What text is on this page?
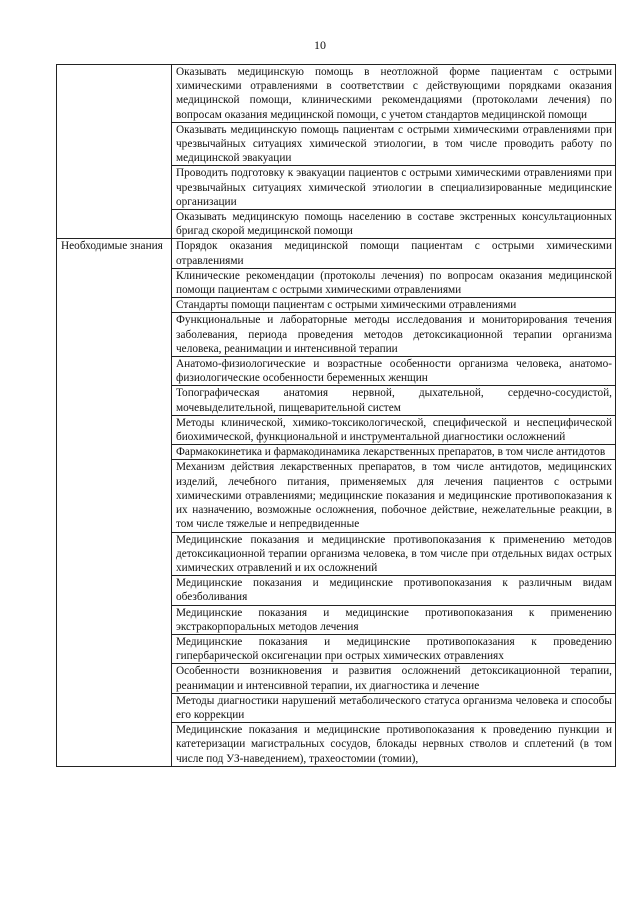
10
	Оказывать медицинскую помощь в неотложной форме пациентам с острыми химическими отравлениями в соответствии с действующими порядками оказания медицинской помощи, клиническими рекомендациями (протоколами лечения) по вопросам оказания медицинской помощи, с учетом стандартов медицинской помощи
	Оказывать медицинскую помощь пациентам с острыми химическими отравлениями при чрезвычайных ситуациях химической этиологии, в том числе проводить работу по медицинской эвакуации
	Проводить подготовку к эвакуации пациентов с острыми химическими отравлениями при чрезвычайных ситуациях химической этиологии в специализированные медицинские организации
	Оказывать медицинскую помощь населению в составе экстренных консультационных бригад скорой медицинской помощи
Необходимые знания	Порядок оказания медицинской помощи пациентам с острыми химическими отравлениями
	Клинические рекомендации (протоколы лечения) по вопросам оказания медицинской помощи пациентам с острыми химическими отравлениями
	Стандарты помощи пациентам с острыми химическими отравлениями
	Функциональные и лабораторные методы исследования и мониторирования течения заболевания, периода проведения методов детоксикационной терапии организма человека, реанимации и интенсивной терапии
	Анатомо-физиологические и возрастные особенности организма человека, анатомо-физиологические особенности беременных женщин
	Топографическая анатомия нервной, дыхательной, сердечно-сосудистой, мочевыделительной, пищеварительной систем
	Методы клинической, химико-токсикологической, специфической и неспецифической биохимической, функциональной и инструментальной диагностики осложнений
	Фармакокинетика и фармакодинамика лекарственных препаратов, в том числе антидотов
	Механизм действия лекарственных препаратов, в том числе антидотов, медицинских изделий, лечебного питания, применяемых для лечения пациентов с острыми химическими отравлениями; медицинские показания и медицинские противопоказания к их назначению, возможные осложнения, побочное действие, нежелательные реакции, в том числе тяжелые и непредвиденные
	Медицинские показания и медицинские противопоказания к применению методов детоксикационной терапии организма человека, в том числе при отдельных видах острых химических отравлений и их осложнений
	Медицинские показания и медицинские противопоказания к различным видам обезболивания
	Медицинские показания и медицинские противопоказания к применению экстракорпоральных методов лечения
	Медицинские показания и медицинские противопоказания к проведению гипербарической оксигенации при острых химических отравлениях
	Особенности возникновения и развития осложнений детоксикационной терапии, реанимации и интенсивной терапии, их диагностика и лечение
	Методы диагностики нарушений метаболического статуса организма человека и способы его коррекции
	Медицинские показания и медицинские противопоказания к проведению пункции и катетеризации магистральных сосудов, блокады нервных стволов и сплетений (в том числе под УЗ-наведением), трахеостомии (томии),
